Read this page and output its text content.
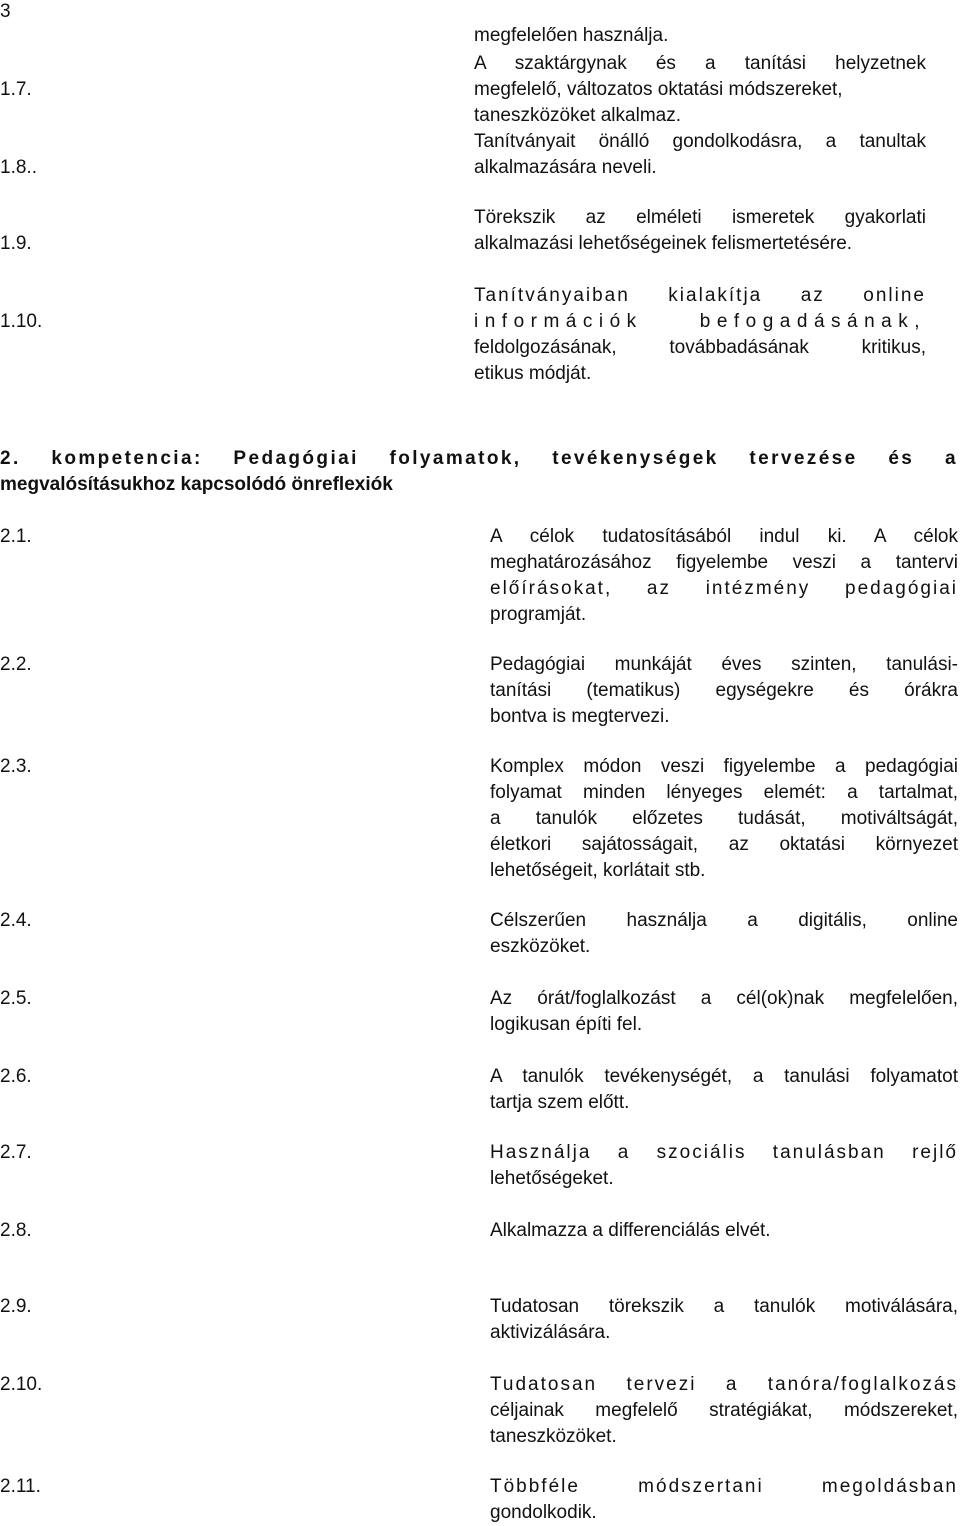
3
megfelelően használja.
1.7.
A szaktárgynak és a tanítási helyzetnek
megfelelő, változatos oktatási módszereket,
taneszközöket alkalmaz.
1.8..
Tanítványait önálló gondolkodásra, a tanultak
alkalmazására neveli.
1.9.
Törekszik az elméleti ismeretek gyakorlati
alkalmazási lehetőségeinek felismertetésére.
1.10.
Tanítványaiban kialakítja az online
információk befogadásának,
feldolgozásának, továbbadásának kritikus,
etikus módját.
2. kompetencia: Pedagógiai folyamatok, tevékenységek tervezése és a
megvalósításukhoz kapcsolódó önreflexiók
2.1.	A célok tudatosításából indul ki. A célok
meghatározásához figyelembe veszi a tantervi
előírásokat, az intézmény pedagógiai
programját.
2.2.	Pedagógiai munkáját éves szinten, tanulási-
tanítási (tematikus) egységekre és órákra
bontva is megtervezi.
2.3.	Komplex módon veszi figyelembe a pedagógiai
folyamat minden lényeges elemét: a tartalmat,
a tanulók előzetes tudását, motiváltságát,
életkori sajátosságait, az oktatási környezet
lehetőségeit, korlátait stb.
2.4.	Célszerűen használja a digitális, online
eszközöket.
2.5.	Az órát/foglalkozást a cél(ok)nak megfelelően,
logikusan építi fel.
2.6.	A tanulók tevékenységét, a tanulási folyamatot
tartja szem előtt.
2.7.	Használja a szociális tanulásban rejlő
lehetőségeket.
2.8.	Alkalmazza a differenciálás elvét.
2.9.	Tudatosan törekszik a tanulók motiválására,
aktivizálására.
2.10.	Tudatosan tervezi a tanóra/foglalkozás
céljainak megfelelő stratégiákat, módszereket,
taneszközöket.
2.11.	Többféle módszertani megoldásban
gondolkodik.
